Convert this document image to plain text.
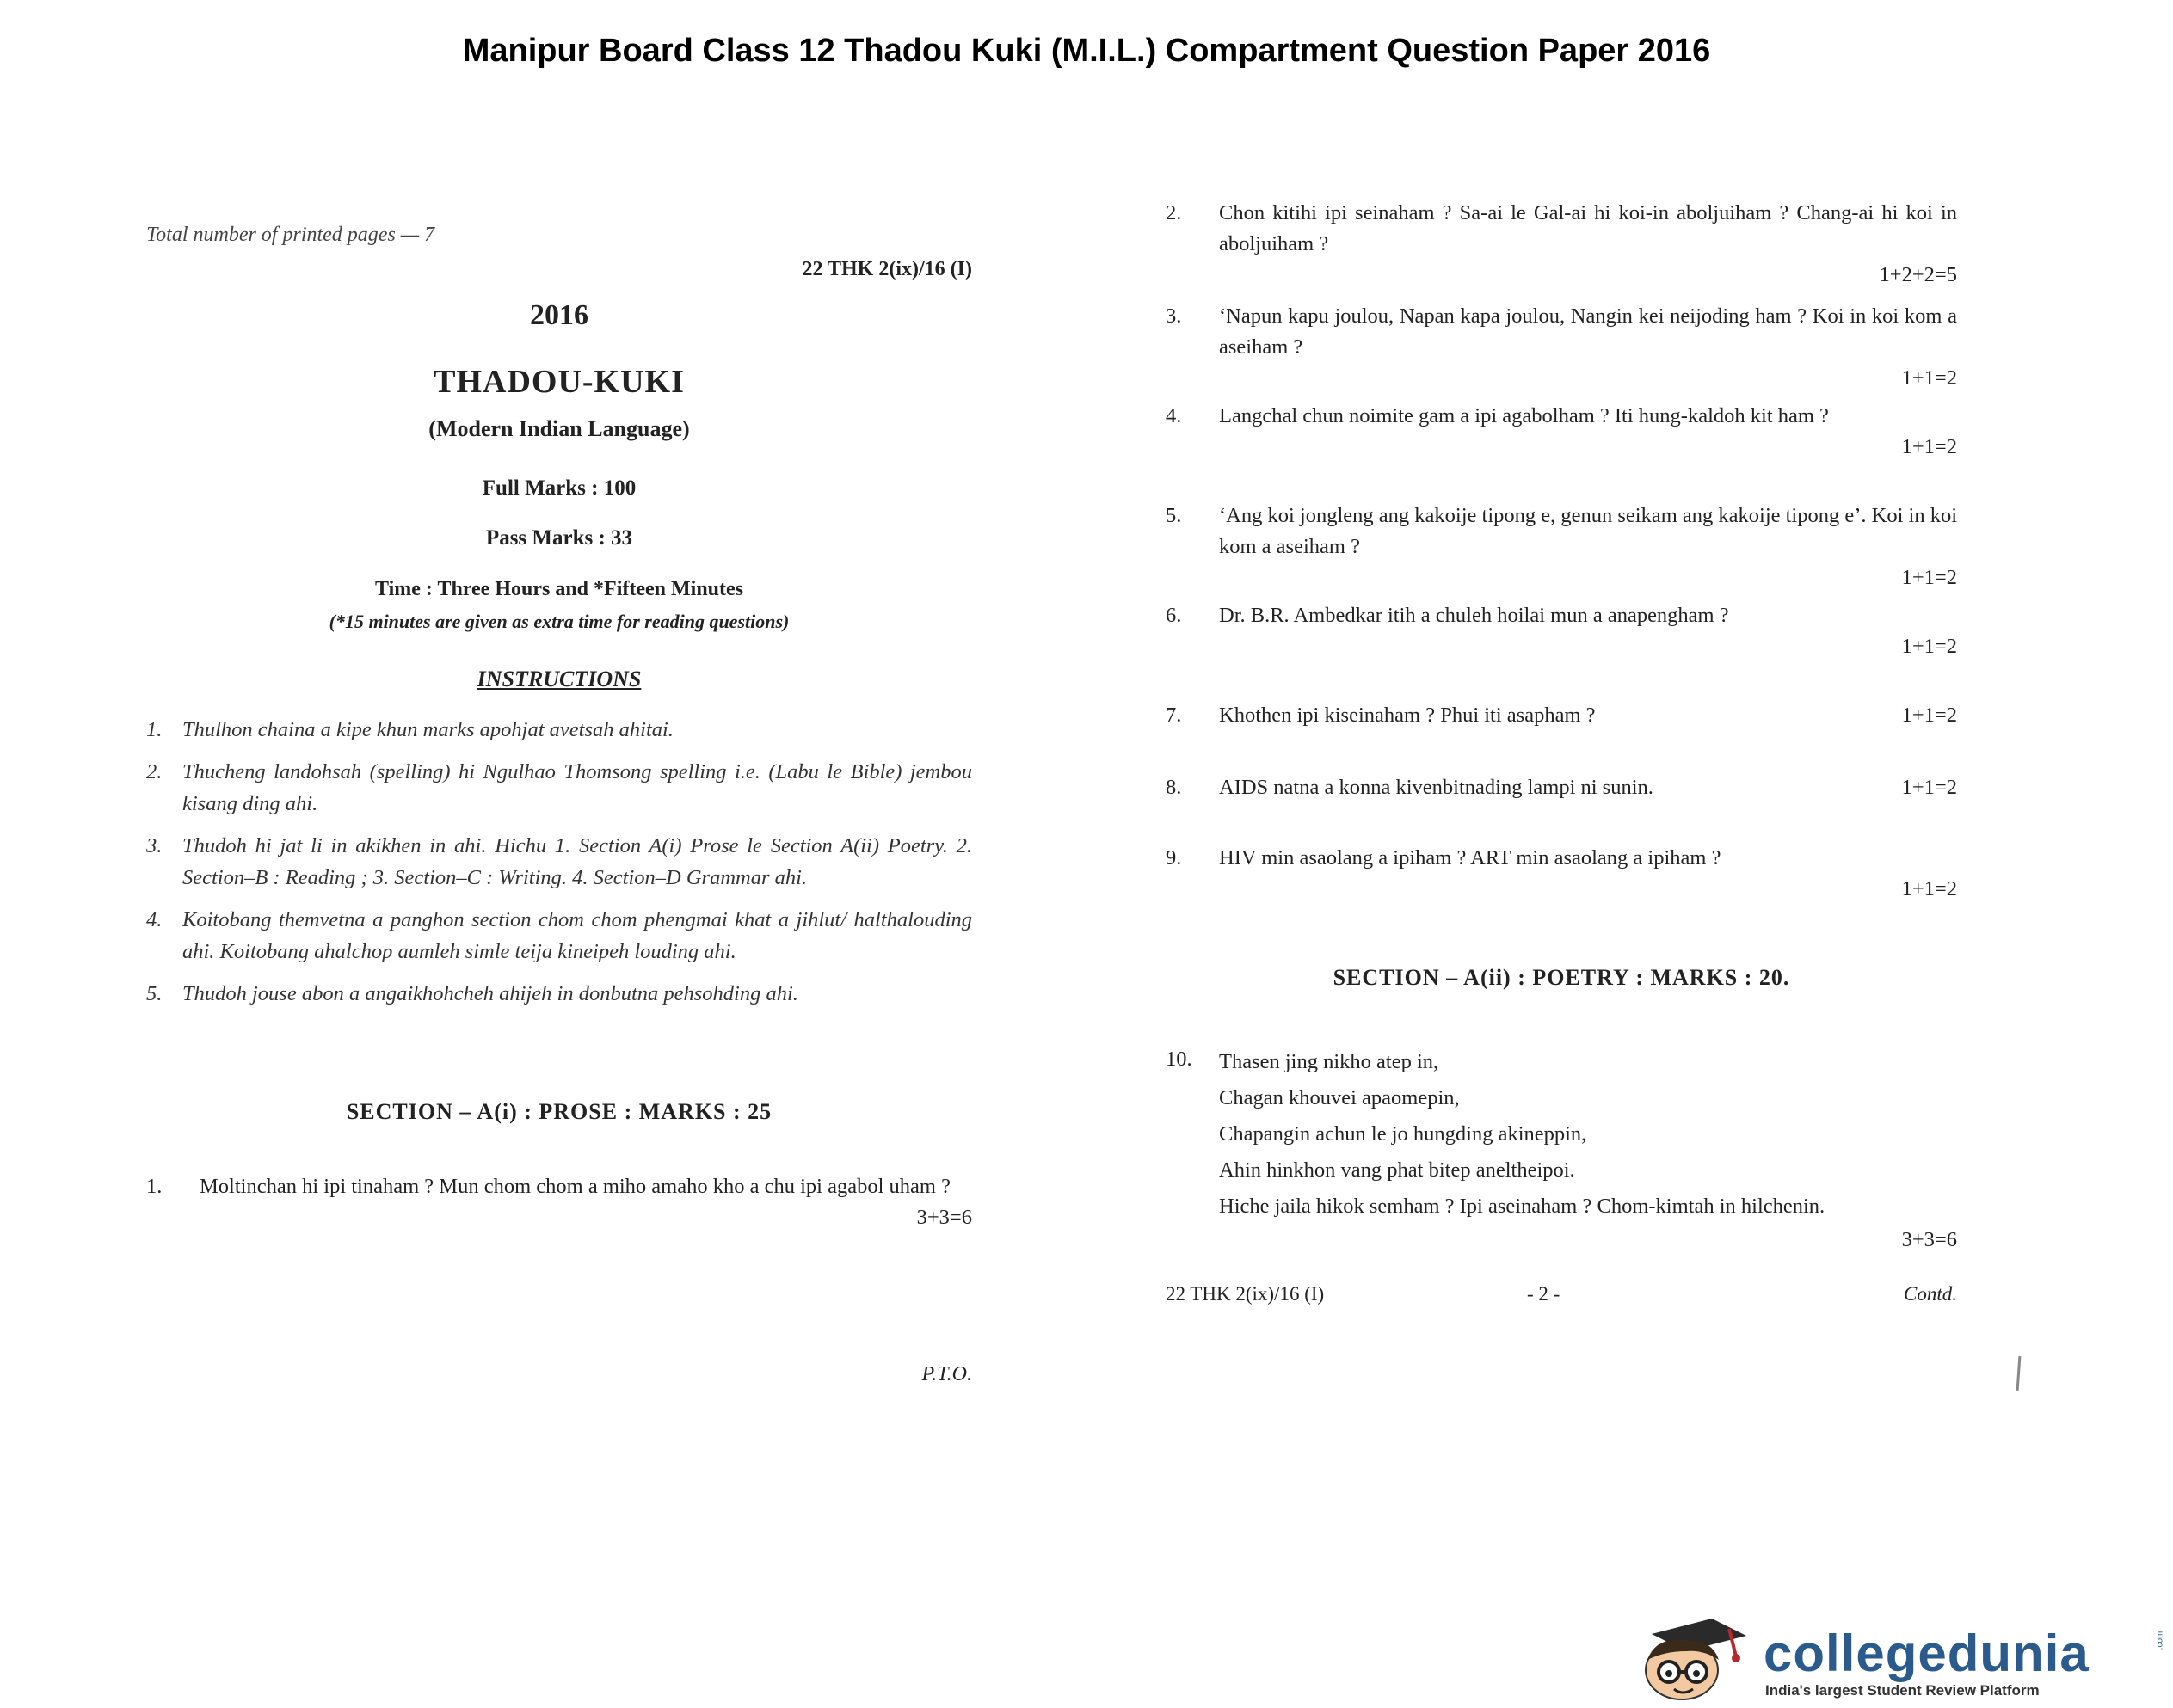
Manipur Board Class 12 Thadou Kuki (M.I.L.) Compartment Question Paper 2016
Total number of printed pages — 7
22 THK 2(ix)/16 (I)
2016
THADOU-KUKI
(Modern Indian Language)
Full Marks : 100
Pass Marks : 33
Time : Three Hours and *Fifteen Minutes
(*15 minutes are given as extra time for reading questions)
INSTRUCTIONS
1. Thulhon chaina a kipe khun marks apohjat avetsah ahitai.
2. Thucheng landohsah (spelling) hi Ngulhao Thomsong spelling i.e. (Labu le Bible) jembou kisang ding ahi.
3. Thudoh hi jat li in akikhen in ahi. Hichu 1. Section A(i) Prose le Section A(ii) Poetry. 2. Section–B : Reading ; 3. Section–C : Writing. 4. Section–D Grammar ahi.
4. Koitobang themvetna a panghon section chom chom phengmai khat a jihlut/ halthalouding ahi. Koitobang ahalchop aumleh simle teija kineipeh louding ahi.
5. Thudoh jouse abon a angaikhohcheh ahijeh in donbutna pehsohding ahi.
SECTION – A(i) : PROSE : MARKS : 25
1.	Moltinchan hi ipi tinaham ? Mun chom chom a miho amaho kho a chu ipi agabol uham ?
3+3=6
P.T.O.
2.	Chon kitihi ipi seinaham ? Sa-ai le Gal-ai hi koi-in aboljuiham ? Chang-ai hi koi in aboljuiham ?
1+2+2=5
3.	‘Napun kapu joulou, Napan kapa joulou, Nangin kei neijoding ham ? Koi in koi kom a aseiham ?
1+1=2
4.	Langchal chun noimite gam a ipi agabolham ? Iti hung-kaldoh kit ham ?
1+1=2
5.	‘Ang koi jongleng ang kakoije tipong e, genun seikam ang kakoije tipong e’. Koi in koi kom a aseiham ?
1+1=2
6.	Dr. B.R. Ambedkar itih a chuleh hoilai mun a anapengham ?
1+1=2
7.	Khothen ipi kiseinaham ? Phui iti asapham ?	1+1=2
8.	AIDS natna a konna kivenbitnading lampi ni sunin.	1+1=2
9.	HIV min asaolang a ipiham ? ART min asaolang a ipiham ?
1+1=2
SECTION – A(ii) : POETRY : MARKS : 20.
10.	Thasen jing nikho atep in,
Chagan khouvei apaomepin,
Chapangin achun le jo hungding akineppin,
Ahin hinkhon vang phat bitep aneltheipoi.
Hiche jaila hikok semham ? Ipi aseinaham ? Chom-kimtah in hilchenin.
3+3=6
22 THK 2(ix)/16 (I)	- 2 -	Contd.
collegedunia	.com
India's largest Student Review Platform
